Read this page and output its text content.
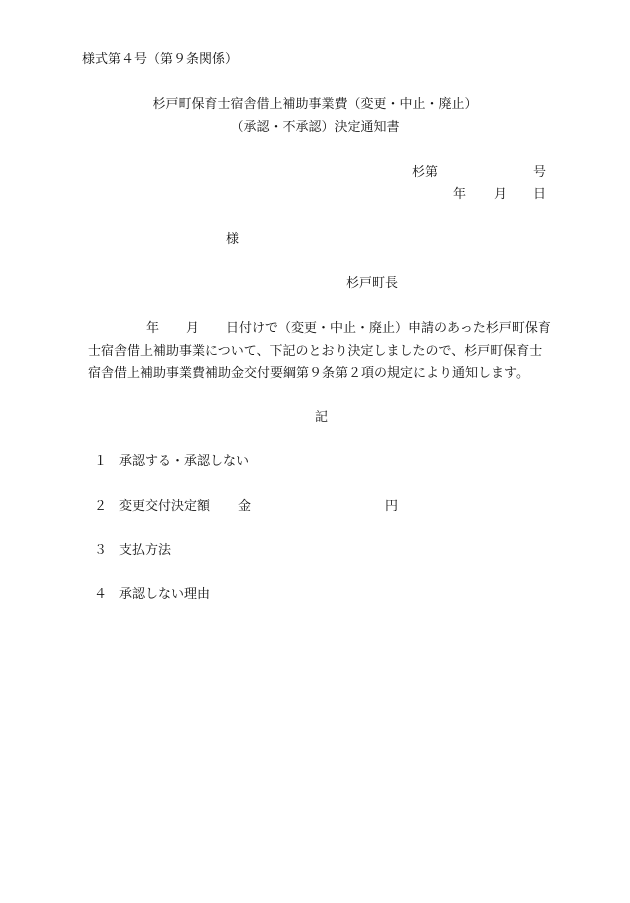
様式第４号（第９条関係）
杉戸町保育士宿舎借上補助事業費（変更・中止・廃止）
（承認・不承認）決定通知書
杉第	号
年 月 日
様
杉戸町長
年 月 日付けで（変更・中止・廃止）申請のあった杉戸町保育
士宿舎借上補助事業について、下記のとおり決定しましたので、杉戸町保育士
宿舎借上補助事業費補助金交付要綱第９条第２項の規定により通知します。
記
１ 承認する・承認しない
２ 変更交付決定額 金	円
３ 支払方法
４ 承認しない理由
